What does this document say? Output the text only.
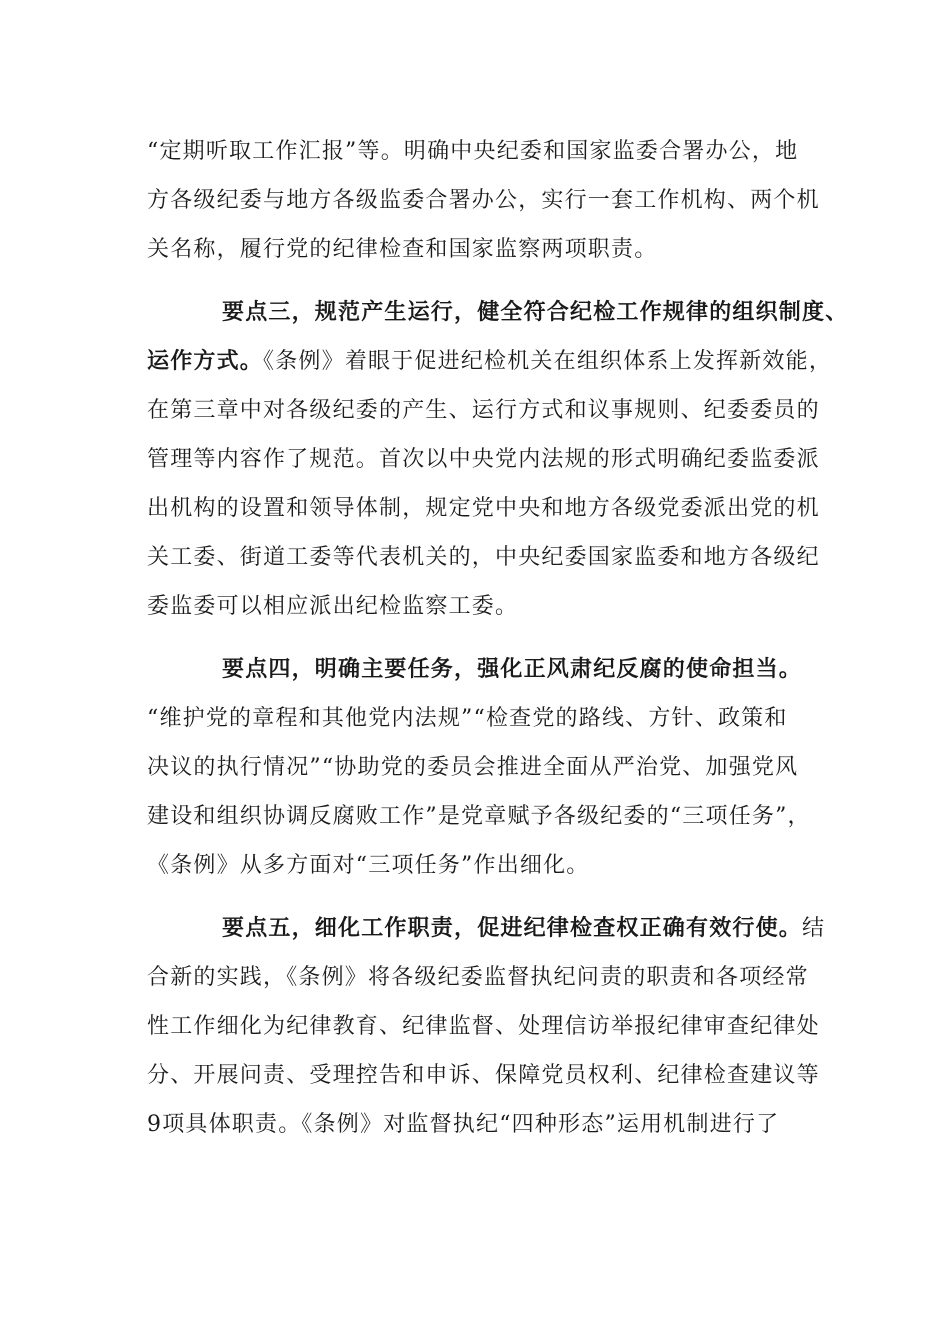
“定期听取工作汇报”等。明确中央纪委和国家监委合署办公，地
方各级纪委与地方各级监委合署办公，实行一套工作机构、两个机
关名称，履行党的纪律检查和国家监察两项职责。
要点三，规范产生运行，健全符合纪检工作规律的组织制度、
运作方式。《条例》着眼于促进纪检机关在组织体系上发挥新效能，
在第三章中对各级纪委的产生、运行方式和议事规则、纪委委员的
管理等内容作了规范。首次以中央党内法规的形式明确纪委监委派
出机构的设置和领导体制，规定党中央和地方各级党委派出党的机
关工委、街道工委等代表机关的，中央纪委国家监委和地方各级纪
委监委可以相应派出纪检监察工委。
要点四，明确主要任务，强化正风肃纪反腐的使命担当。
“维护党的章程和其他党内法规”“检查党的路线、方针、政策和
决议的执行情况”“协助党的委员会推进全面从严治党、加强党风
建设和组织协调反腐败工作”是党章赋予各级纪委的“三项任务”，
《条例》从多方面对“三项任务”作出细化。
要点五，细化工作职责，促进纪律检查权正确有效行使。结
合新的实践，《条例》将各级纪委监督执纪问责的职责和各项经常
性工作细化为纪律教育、纪律监督、处理信访举报纪律审查纪律处
分、开展问责、受理控告和申诉、保障党员权利、纪律检查建议等
9项具体职责。《条例》对监督执纪“四种形态”运用机制进行了
